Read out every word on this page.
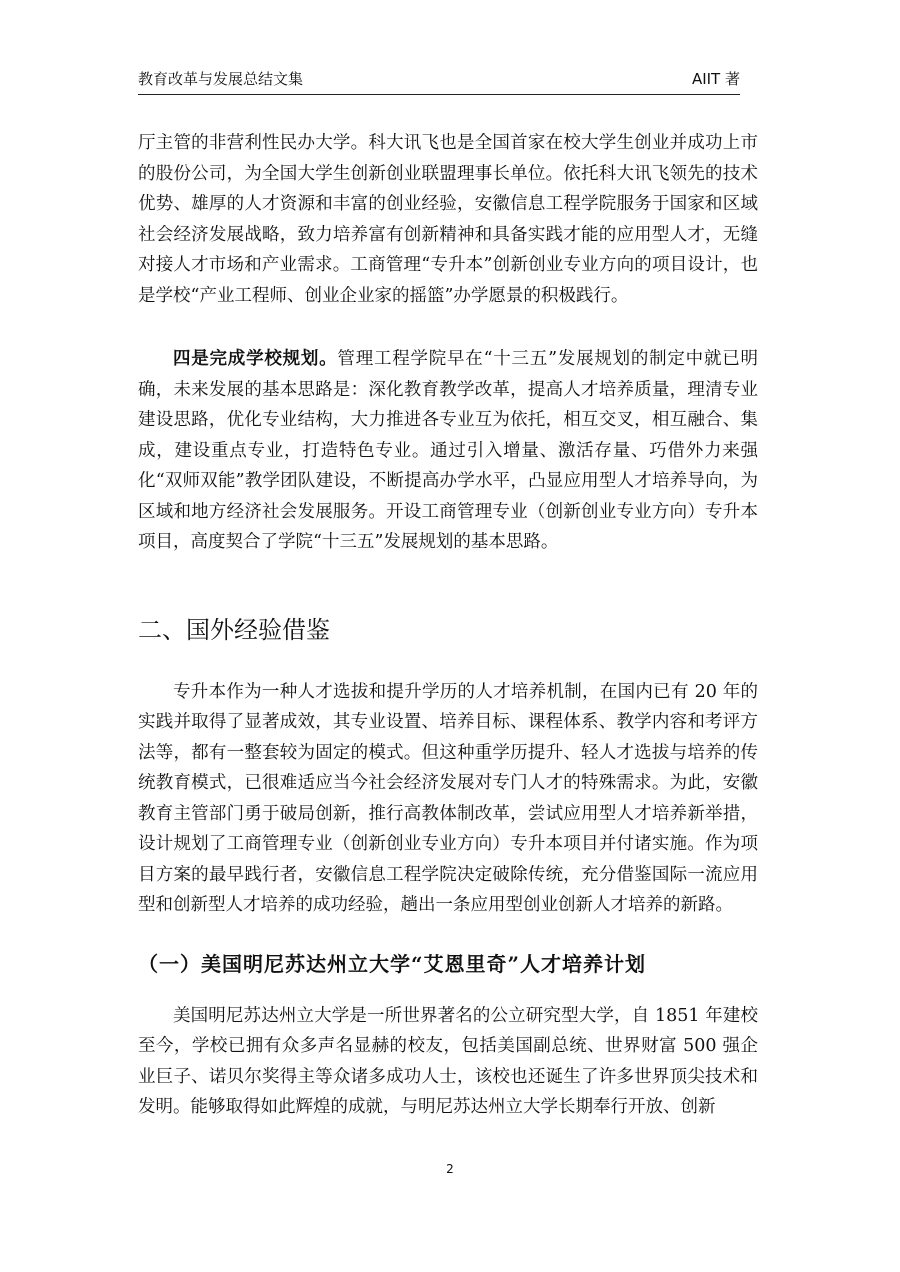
教育改革与发展总结文集	AIIT 著

厅主管的非营利性民办大学。科大讯飞也是全国首家在校大学生创业并成功上市的股份公司，为全国大学生创新创业联盟理事长单位。依托科大讯飞领先的技术优势、雄厚的人才资源和丰富的创业经验，安徽信息工程学院服务于国家和区域社会经济发展战略，致力培养富有创新精神和具备实践才能的应用型人才，无缝对接人才市场和产业需求。工商管理“专升本”创新创业专业方向的项目设计，也是学校“产业工程师、创业企业家的摇篮”办学愿景的积极践行。

四是完成学校规划。管理工程学院早在“十三五”发展规划的制定中就已明确，未来发展的基本思路是：深化教育教学改革，提高人才培养质量，理清专业建设思路，优化专业结构，大力推进各专业互为依托，相互交叉，相互融合、集成，建设重点专业，打造特色专业。通过引入增量、激活存量、巧借外力来强化“双师双能”教学团队建设，不断提高办学水平，凸显应用型人才培养导向，为区域和地方经济社会发展服务。开设工商管理专业（创新创业专业方向）专升本项目，高度契合了学院“十三五”发展规划的基本思路。

二、国外经验借鉴

专升本作为一种人才选拔和提升学历的人才培养机制，在国内已有 20 年的实践并取得了显著成效，其专业设置、培养目标、课程体系、教学内容和考评方法等，都有一整套较为固定的模式。但这种重学历提升、轻人才选拔与培养的传统教育模式，已很难适应当今社会经济发展对专门人才的特殊需求。为此，安徽教育主管部门勇于破局创新，推行高教体制改革，尝试应用型人才培养新举措，设计规划了工商管理专业（创新创业专业方向）专升本项目并付诸实施。作为项目方案的最早践行者，安徽信息工程学院决定破除传统，充分借鉴国际一流应用型和创新型人才培养的成功经验，趟出一条应用型创业创新人才培养的新路。

（一）美国明尼苏达州立大学“艾恩里奇”人才培养计划

美国明尼苏达州立大学是一所世界著名的公立研究型大学，自 1851 年建校至今，学校已拥有众多声名显赫的校友，包括美国副总统、世界财富 500 强企业巨子、诺贝尔奖得主等众诸多成功人士，该校也还诞生了许多世界顶尖技术和发明。能够取得如此辉煌的成就，与明尼苏达州立大学长期奉行开放、创新

2
